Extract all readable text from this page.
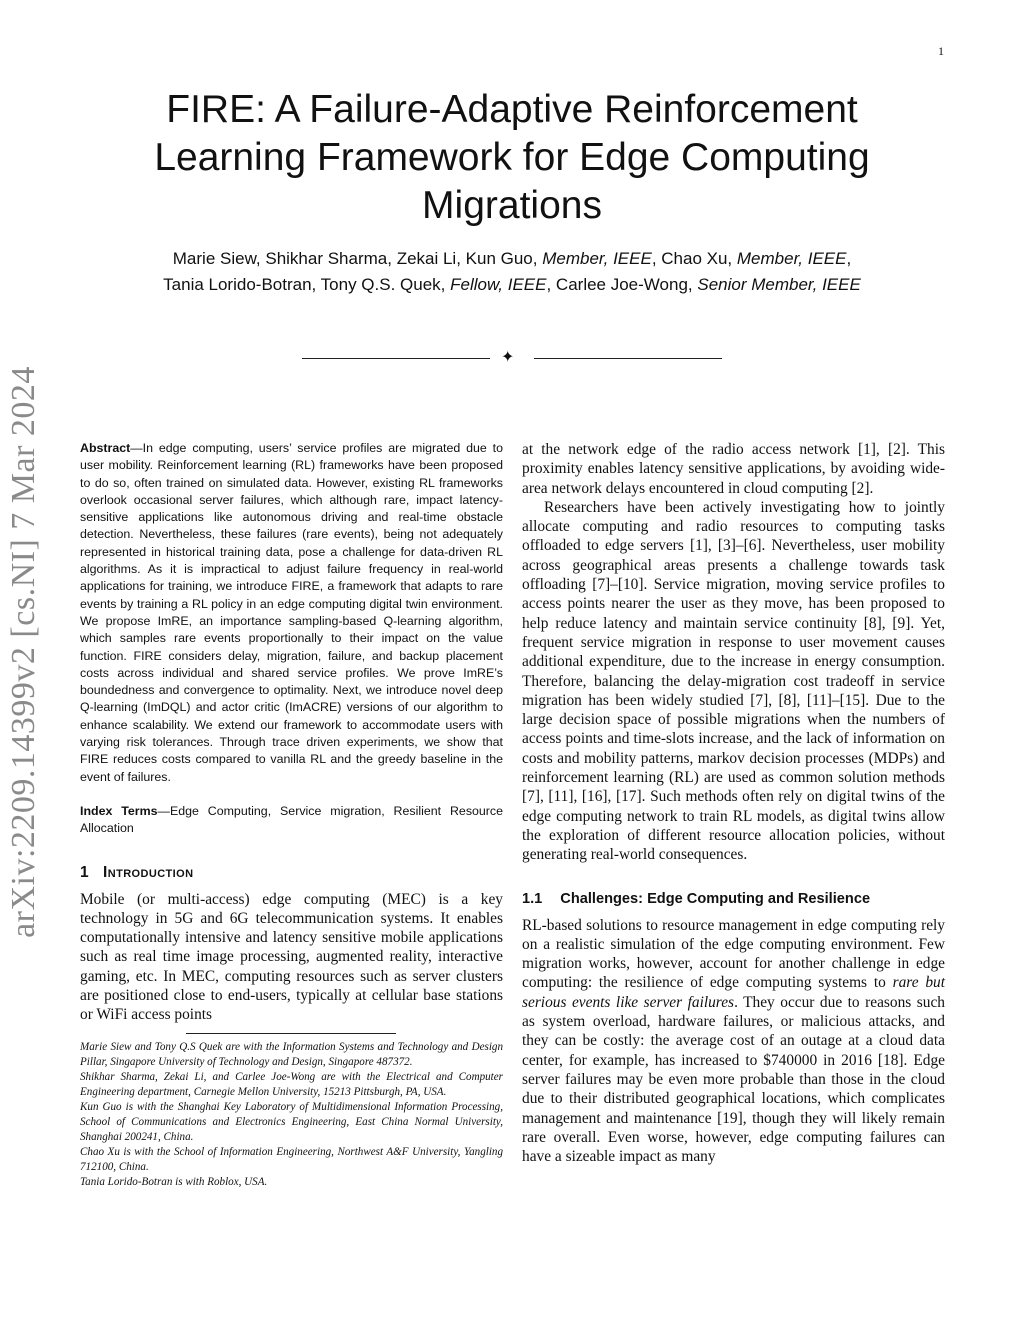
1
FIRE: A Failure-Adaptive Reinforcement Learning Framework for Edge Computing Migrations
Marie Siew, Shikhar Sharma, Zekai Li, Kun Guo, Member, IEEE, Chao Xu, Member, IEEE,
Tania Lorido-Botran, Tony Q.S. Quek, Fellow, IEEE, Carlee Joe-Wong, Senior Member, IEEE
✦
arXiv:2209.14399v2 [cs.NI] 7 Mar 2024	Abstract—In edge computing, users’ service profiles are migrated due to user mobility. Reinforcement learning (RL) frameworks have been proposed to do so, often trained on simulated data. However, existing RL frameworks overlook occasional server failures, which although rare, impact latency-sensitive applications like autonomous driving and real-time obstacle detection. Nevertheless, these failures (rare events), being not adequately represented in historical training data, pose a challenge for data-driven RL algorithms. As it is impractical to adjust failure frequency in real-world applications for training, we introduce FIRE, a framework that adapts to rare events by training a RL policy in an edge computing digital twin environment. We propose ImRE, an importance sampling-based Q-learning algorithm, which samples rare events proportionally to their impact on the value function. FIRE considers delay, migration, failure, and backup placement costs across individual and shared service profiles. We prove ImRE’s boundedness and convergence to optimality. Next, we introduce novel deep Q-learning (ImDQL) and actor critic (ImACRE) versions of our algorithm to enhance scalability. We extend our framework to accommodate users with varying risk tolerances. Through trace driven experiments, we show that FIRE reduces costs compared to vanilla RL and the greedy baseline in the event of failures.

Index Terms—Edge Computing, Service migration, Resilient Resource Allocation
1 Introduction

Mobile (or multi-access) edge computing (MEC) is a key technology in 5G and 6G telecommunication systems. It enables computationally intensive and latency sensitive mobile applications such as real time image processing, augmented reality, interactive gaming, etc. In MEC, computing resources such as server clusters are positioned close to end-users, typically at cellular base stations or WiFi access points

Marie Siew and Tony Q.S Quek are with the Information Systems and Technology and Design Pillar, Singapore University of Technology and Design, Singapore 487372.

Shikhar Sharma, Zekai Li, and Carlee Joe-Wong are with the Electrical and Computer Engineering department, Carnegie Mellon University, 15213 Pittsburgh, PA, USA.

Kun Guo is with the Shanghai Key Laboratory of Multidimensional Information Processing, School of Communications and Electronics Engineering, East China Normal University, Shanghai 200241, China.

Chao Xu is with the School of Information Engineering, Northwest A&F University, Yangling 712100, China.

Tania Lorido-Botran is with Roblox, USA.

at the network edge of the radio access network [1], [2]. This proximity enables latency sensitive applications, by avoiding wide-area network delays encountered in cloud computing [2].

Researchers have been actively investigating how to jointly allocate computing and radio resources to computing tasks offloaded to edge servers [1], [3]–[6]. Nevertheless, user mobility across geographical areas presents a challenge towards task offloading [7]–[10]. Service migration, moving service profiles to access points nearer the user as they move, has been proposed to help reduce latency and maintain service continuity [8], [9]. Yet, frequent service migration in response to user movement causes additional expenditure, due to the increase in energy consumption. Therefore, balancing the delay-migration cost tradeoff in service migration has been widely studied [7], [8], [11]–[15]. Due to the large decision space of possible migrations when the numbers of access points and time-slots increase, and the lack of information on costs and mobility patterns, markov decision processes (MDPs) and reinforcement learning (RL) are used as common solution methods [7], [11], [16], [17]. Such methods often rely on digital twins of the edge computing network to train RL models, as digital twins allow the exploration of different resource allocation policies, without generating real-world consequences.

1.1 Challenges: Edge Computing and Resilience

RL-based solutions to resource management in edge computing rely on a realistic simulation of the edge computing environment. Few migration works, however, account for another challenge in edge computing: the resilience of edge computing systems to rare but serious events like server failures. They occur due to reasons such as system overload, hardware failures, or malicious attacks, and they can be costly: the average cost of an outage at a cloud data center, for example, has increased to $740000 in 2016 [18]. Edge server failures may be even more probable than those in the cloud due to their distributed geographical locations, which complicates management and maintenance [19], though they will likely remain rare overall. Even worse, however, edge computing failures can have a sizeable impact as many
